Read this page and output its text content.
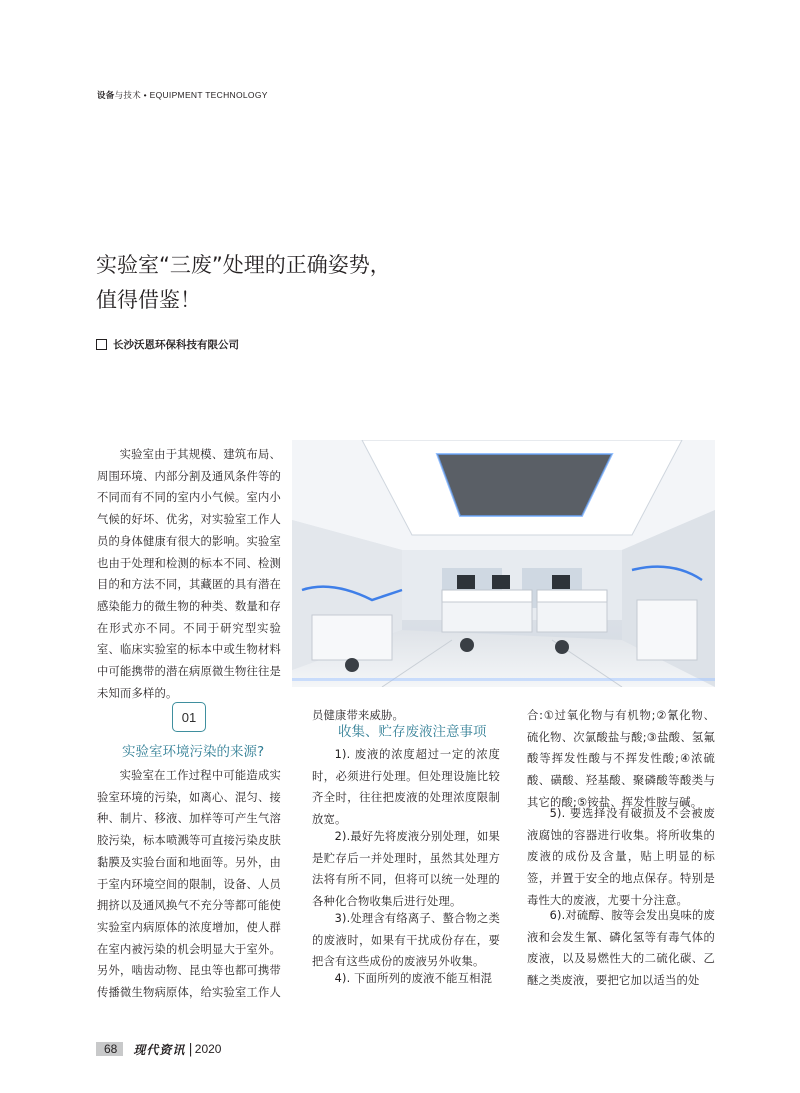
设备与技术 • EQUIPMENT TECHNOLOGY
实验室“三废”处理的正确姿势，
值得借鉴！
长沙沃恩环保科技有限公司

实验室由于其规模、建筑布局、周围环境、内部分割及通风条件等的不同而有不同的室内小气候。室内小气候的好坏、优劣，对实验室工作人员的身体健康有很大的影响。实验室也由于处理和检测的标本不同、检测目的和方法不同，其藏匿的具有潜在感染能力的微生物的种类、数量和存在形式亦不同。不同于研究型实验室、临床实验室的标本中或生物材料中可能携带的潜在病原微生物往往是未知而多样的。

01
实验室环境污染的来源?

实验室在工作过程中可能造成实验室环境的污染，如离心、混匀、接种、制片、移液、加样等可产生气溶胶污染，标本喷溅等可直接污染皮肤黏膜及实验台面和地面等。另外，由于室内环境空间的限制，设备、人员拥挤以及通风换气不充分等都可能使实验室内病原体的浓度增加，使人群在室内被污染的机会明显大于室外。另外，啮齿动物、昆虫等也都可携带传播微生物病原体，给实验室工作人

员健康带来威胁。

收集、贮存废液注意事项

1). 废液的浓度超过一定的浓度时，必须进行处理。但处理设施比较齐全时，往往把废液的处理浓度限制放宽。

2).最好先将废液分别处理，如果是贮存后一并处理时，虽然其处理方法将有所不同，但将可以统一处理的各种化合物收集后进行处理。

3).处理含有络离子、螯合物之类的废液时，如果有干扰成份存在，要把含有这些成份的废液另外收集。

4). 下面所列的废液不能互相混

合:①过氧化物与有机物;②氰化物、硫化物、次氯酸盐与酸;③盐酸、氢氟酸等挥发性酸与不挥发性酸;④浓硫酸、磺酸、羟基酸、聚磷酸等酸类与其它的酸;⑤铵盐、挥发性胺与碱。

5). 要选择没有破损及不会被废液腐蚀的容器进行收集。将所收集的废液的成份及含量，贴上明显的标签，并置于安全的地点保存。特别是毒性大的废液，尤要十分注意。

6).对硫醇、胺等会发出臭味的废液和会发生氰、磷化氢等有毒气体的废液，以及易燃性大的二硫化碳、乙醚之类废液，要把它加以适当的处

68	现代资讯 | 2020
